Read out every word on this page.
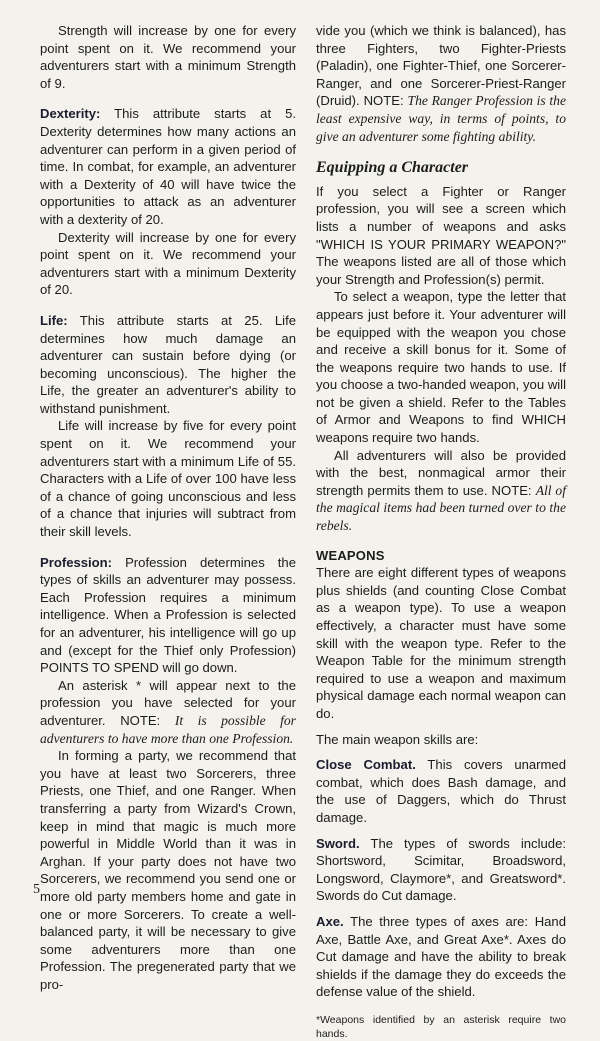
Strength will increase by one for every point spent on it. We recommend your adventurers start with a minimum Strength of 9.

Dexterity: This attribute starts at 5. Dexterity determines how many actions an adventurer can perform in a given period of time. In combat, for example, an adventurer with a Dexterity of 40 will have twice the opportunities to attack as an adventurer with a dexterity of 20.

Dexterity will increase by one for every point spent on it. We recommend your adventurers start with a minimum Dexterity of 20.

Life: This attribute starts at 25. Life determines how much damage an adventurer can sustain before dying (or becoming unconscious). The higher the Life, the greater an adventurer's ability to withstand punishment.

Life will increase by five for every point spent on it. We recommend your adventurers start with a minimum Life of 55. Characters with a Life of over 100 have less of a chance of going unconscious and less of a chance that injuries will subtract from their skill levels.

Profession: Profession determines the types of skills an adventurer may possess. Each Profession requires a minimum intelligence. When a Profession is selected for an adventurer, his intelligence will go up and (except for the Thief only Profession) POINTS TO SPEND will go down.

An asterisk * will appear next to the profession you have selected for your adventurer. NOTE: It is possible for adventurers to have more than one Profession.

In forming a party, we recommend that you have at least two Sorcerers, three Priests, one Thief, and one Ranger. When transferring a party from Wizard's Crown, keep in mind that magic is much more powerful in Middle World than it was in Arghan. If your party does not have two Sorcerers, we recommend you send one or more old party members home and gate in one or more Sorcerers. To create a well-balanced party, it will be necessary to give some adventurers more than one Profession. The pregenerated party that we pro-

vide you (which we think is balanced), has three Fighters, two Fighter-Priests (Paladin), one Fighter-Thief, one Sorcerer-Ranger, and one Sorcerer-Priest-Ranger (Druid). NOTE: The Ranger Profession is the least expensive way, in terms of points, to give an adventurer some fighting ability.

Equipping a Character

If you select a Fighter or Ranger profession, you will see a screen which lists a number of weapons and asks "WHICH IS YOUR PRIMARY WEAPON?" The weapons listed are all of those which your Strength and Profession(s) permit.

To select a weapon, type the letter that appears just before it. Your adventurer will be equipped with the weapon you chose and receive a skill bonus for it. Some of the weapons require two hands to use. If you choose a two-handed weapon, you will not be given a shield. Refer to the Tables of Armor and Weapons to find WHICH weapons require two hands.

All adventurers will also be provided with the best, nonmagical armor their strength permits them to use. NOTE: All of the magical items had been turned over to the rebels.

WEAPONS

There are eight different types of weapons plus shields (and counting Close Combat as a weapon type). To use a weapon effectively, a character must have some skill with the weapon type. Refer to the Weapon Table for the minimum strength required to use a weapon and maximum physical damage each normal weapon can do.

The main weapon skills are:

Close Combat. This covers unarmed combat, which does Bash damage, and the use of Daggers, which do Thrust damage.

Sword. The types of swords include: Shortsword, Scimitar, Broadsword, Longsword, Claymore*, and Greatsword*. Swords do Cut damage.

Axe. The three types of axes are: Hand Axe, Battle Axe, and Great Axe*. Axes do Cut damage and have the ability to break shields if the damage they do exceeds the defense value of the shield.

*Weapons identified by an asterisk require two hands.

5
